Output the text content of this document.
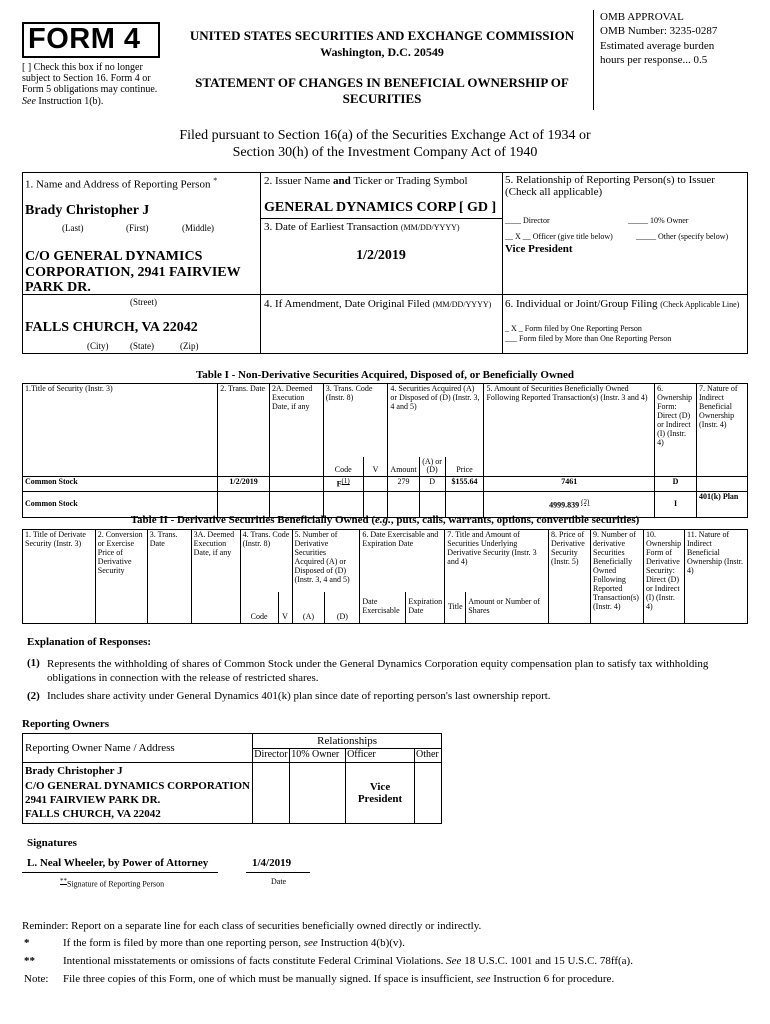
FORM 4
[ ] Check this box if no longer subject to Section 16. Form 4 or Form 5 obligations may continue. See Instruction 1(b).
UNITED STATES SECURITIES AND EXCHANGE COMMISSION
Washington, D.C. 20549
STATEMENT OF CHANGES IN BENEFICIAL OWNERSHIP OF
SECURITIES
OMB APPROVAL
OMB Number: 3235-0287
Estimated average burden
hours per response... 0.5
Filed pursuant to Section 16(a) of the Securities Exchange Act of 1934 or
Section 30(h) of the Investment Company Act of 1940
1. Name and Address of Reporting Person *
Brady Christopher J
(Last)	(First)	(Middle)
C/O GENERAL DYNAMICS
CORPORATION, 2941 FAIRVIEW
PARK DR.
(Street)
FALLS CHURCH, VA 22042
(City) (State)	(Zip)
2. Issuer Name and Ticker or Trading Symbol
GENERAL DYNAMICS CORP [ GD ]
3. Date of Earliest Transaction (MM/DD/YYYY)
1/2/2019
4. If Amendment, Date Original Filed (MM/DD/YYYY)
5. Relationship of Reporting Person(s) to Issuer
(Check all applicable)
____ Director	_____ 10% Owner
__ X __ Officer (give title below)	_____ Other (specify below)
Vice President
6. Individual or Joint/Group Filing (Check Applicable Line)
_ X _ Form filed by One Reporting Person
___ Form filed by More than One Reporting Person
Table I - Non-Derivative Securities Acquired, Disposed of, or Beneficially Owned
1.Title of Security (Instr. 3)	2. Trans. Date	2A. Deemed Execution Date, if any	3. Trans. Code (Instr. 8)		4. Securities Acquired (A) or Disposed of (D) (Instr. 3, 4 and 5)			5. Amount of Securities Beneficially Owned Following Reported Transaction(s) (Instr. 3 and 4)	6. Ownership Form: Direct (D) or Indirect (I) (Instr. 4)	7. Nature of Indirect Beneficial Ownership (Instr. 4)
			Code	V	Amount	(A) or (D)	Price			
Common Stock	1/2/2019		$F^{(1)}$		279	D	$155.64	7461	D	
Common Stock								4999.839 $^{(2)}$	I	401(k) Plan
Table II - Derivative Securities Beneficially Owned (e.g., puts, calls, warrants, options, convertible securities)
1. Title of Derivate Security (Instr. 3)	2. Conversion or Exercise Price of Derivative Security	3. Trans. Date	3A. Deemed Execution Date, if any	4. Trans. Code (Instr. 8)		5. Number of Derivative Securities Acquired (A) or Disposed of (D) (Instr. 3, 4 and 5)		6. Date Exercisable and Expiration Date		7. Title and Amount of Securities Underlying Derivative Security (Instr. 3 and 4)		8. Price of Derivative Security (Instr. 5)	9. Number of derivative Securities Beneficially Owned Following Reported Transaction(s) (Instr. 4)	10. Ownership Form of Derivative Security: Direct (D) or Indirect (I) (Instr. 4)	11. Nature of Indirect Beneficial Ownership (Instr. 4)
				Code	V	(A)	(D)	Date Exercisable	Expiration Date	Title	Amount or Number of Shares				
Explanation of Responses:
(1) Represents the withholding of shares of Common Stock under the General Dynamics Corporation equity compensation plan to satisfy tax withholding
obligations in connection with the release of restricted shares.
(2) Includes share activity under General Dynamics 401(k) plan since date of reporting person's last ownership report.
Reporting Owners
Reporting Owner Name / Address	Relationships			
	Director	10% Owner	Officer	Other

Brady Christopher J
C/O GENERAL DYNAMICS CORPORATION
2941 FAIRVIEW PARK DR.
FALLS CHURCH, VA 22042			Vice President	
Signatures
L. Neal Wheeler, by Power of Attorney
**Signature of Reporting Person
1/4/2019
Date
Reminder: Report on a separate line for each class of securities beneficially owned directly or indirectly.
*	If the form is filed by more than one reporting person, see Instruction 4(b)(v).
**	Intentional misstatements or omissions of facts constitute Federal Criminal Violations. See 18 U.S.C. 1001 and 15 U.S.C. 78ff(a).
Note: File three copies of this Form, one of which must be manually signed. If space is insufficient, see Instruction 6 for procedure.
